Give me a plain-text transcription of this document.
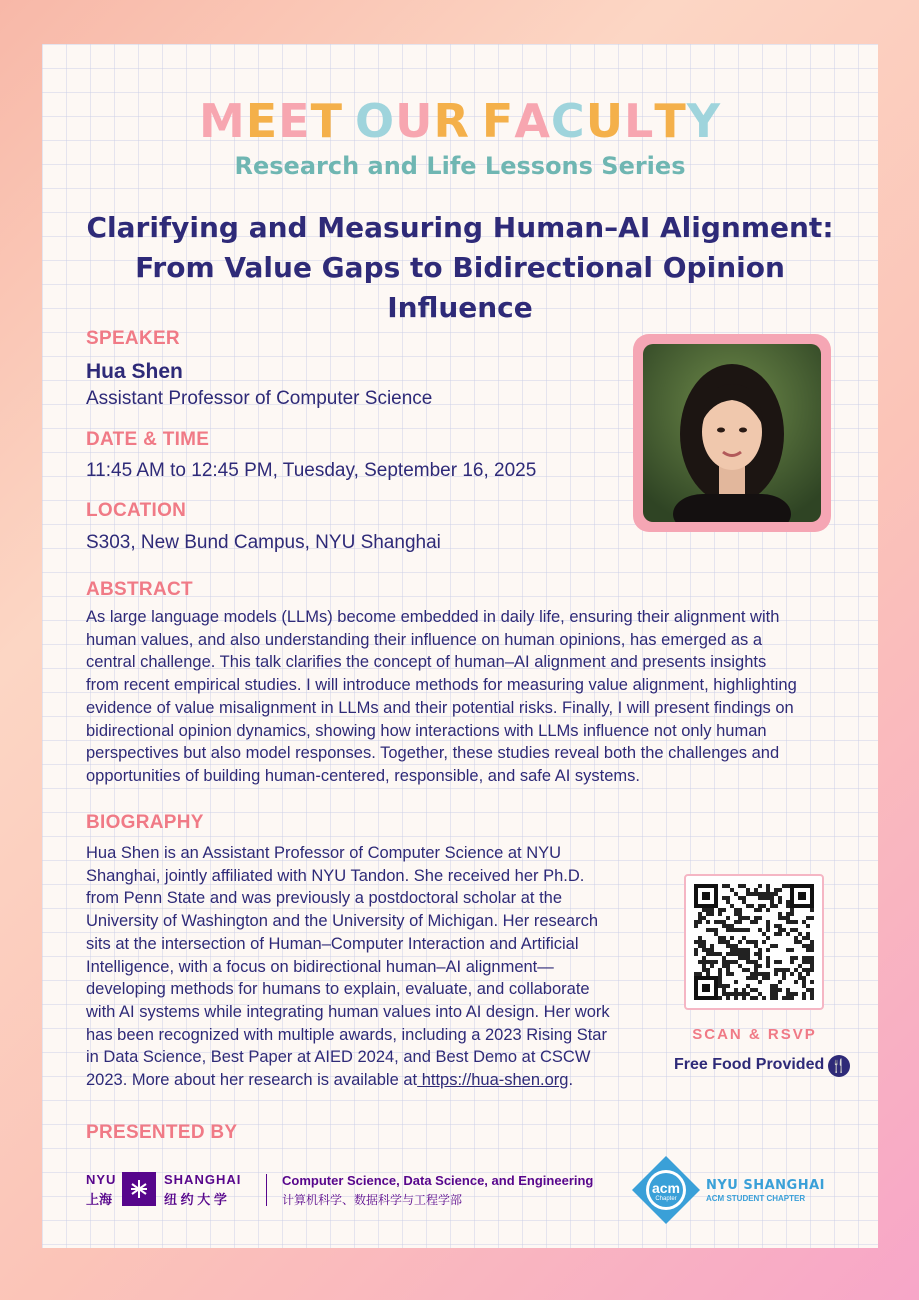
MEET OUR FACULTY
Research and Life Lessons Series
Clarifying and Measuring Human–AI Alignment:
From Value Gaps to Bidirectional Opinion Influence
SPEAKER
Hua Shen
Assistant Professor of Computer Science
DATE & TIME
11:45 AM to 12:45 PM, Tuesday, September 16, 2025
LOCATION
S303, New Bund Campus, NYU Shanghai
ABSTRACT
As large language models (LLMs) become embedded in daily life, ensuring their alignment with
human values, and also understanding their influence on human opinions, has emerged as a
central challenge. This talk clarifies the concept of human–AI alignment and presents insights
from recent empirical studies. I will introduce methods for measuring value alignment, highlighting
evidence of value misalignment in LLMs and their potential risks. Finally, I will present findings on
bidirectional opinion dynamics, showing how interactions with LLMs influence not only human
perspectives but also model responses. Together, these studies reveal both the challenges and
opportunities of building human-centered, responsible, and safe AI systems.
BIOGRAPHY
Hua Shen is an Assistant Professor of Computer Science at NYU
Shanghai, jointly affiliated with NYU Tandon. She received her Ph.D.
from Penn State and was previously a postdoctoral scholar at the
University of Washington and the University of Michigan. Her research
sits at the intersection of Human–Computer Interaction and Artificial
Intelligence, with a focus on bidirectional human–AI alignment—
developing methods for humans to explain, evaluate, and collaborate
with AI systems while integrating human values into AI design. Her work
has been recognized with multiple awards, including a 2023 Rising Star
in Data Science, Best Paper at AIED 2024, and Best Demo at CSCW
2023. More about her research is available at https://hua-shen.org.
SCAN & RSVP
Free Food Provided 🍴
PRESENTED BY
NYU
上海
SHANGHAI
纽 约 大 学
Computer Science, Data Science, and Engineering
计算机科学、数据科学与工程学部
acm
Chapter
NYU SHANGHAI
ACM STUDENT CHAPTER
